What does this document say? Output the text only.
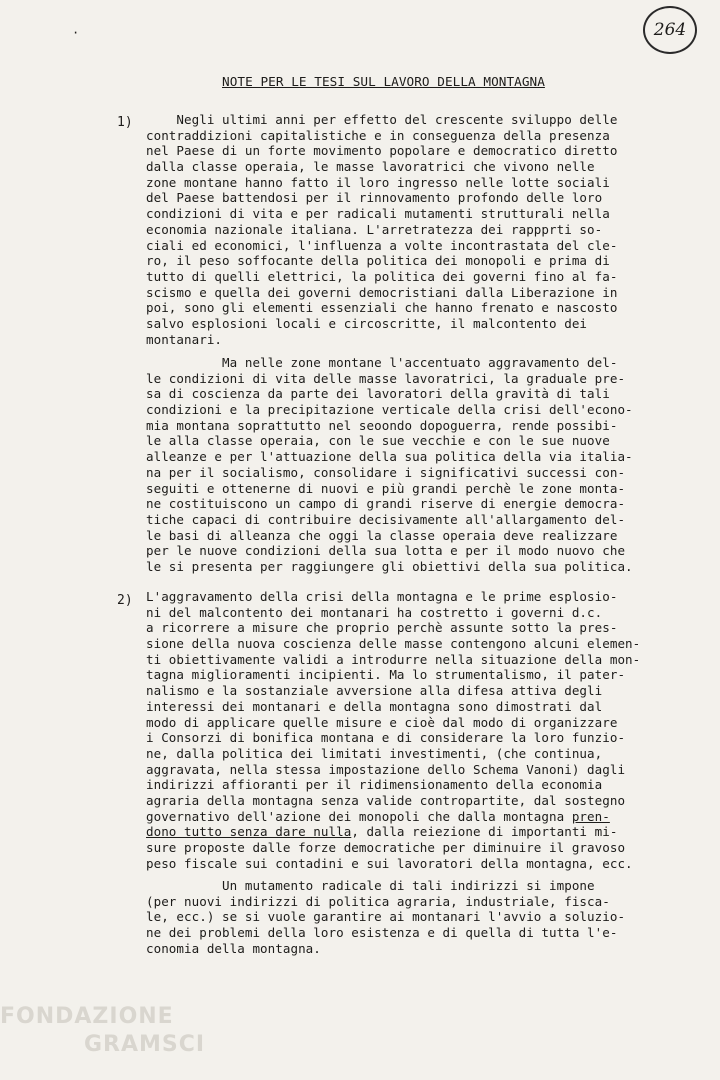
·	264
NOTE PER LE TESI SUL LAVORO DELLA MONTAGNA
1) Negli ultimi anni per effetto del crescente sviluppo delle
contraddizioni capitalistiche e in conseguenza della presenza
nel Paese di un forte movimento popolare e democratico diretto
dalla classe operaia, le masse lavoratrici che vivono nelle
zone montane hanno fatto il loro ingresso nelle lotte sociali
del Paese battendosi per il rinnovamento profondo delle loro
condizioni di vita e per radicali mutamenti strutturali nella
economia nazionale italiana. L'arretratezza dei rappprti so-
ciali ed economici, l'influenza a volte incontrastata del cle-
ro, il peso soffocante della politica dei monopoli e prima di
tutto di quelli elettrici, la politica dei governi fino al fa-
scismo e quella dei governi democristiani dalla Liberazione in
poi, sono gli elementi essenziali che hanno frenato e nascosto
salvo esplosioni locali e circoscritte, il malcontento dei
montanari.
Ma nelle zone montane l'accentuato aggravamento del-
le condizioni di vita delle masse lavoratrici, la graduale pre-
sa di coscienza da parte dei lavoratori della gravità di tali
condizioni e la precipitazione verticale della crisi dell'econo-
mia montana soprattutto nel seoondo dopoguerra, rende possibi-
le alla classe operaia, con le sue vecchie e con le sue nuove
alleanze e per l'attuazione della sua politica della via italia-
na per il socialismo, consolidare i significativi successi con-
seguiti e ottenerne di nuovi e più grandi perchè le zone monta-
ne costituiscono un campo di grandi riserve di energie democra-
tiche capaci di contribuire decisivamente all'allargamento del-
le basi di alleanza che oggi la classe operaia deve realizzare
per le nuove condizioni della sua lotta e per il modo nuovo che
le si presenta per raggiungere gli obiettivi della sua politica.
2) L'aggravamento della crisi della montagna e le prime esplosio-
ni del malcontento dei montanari ha costretto i governi d.c.
a ricorrere a misure che proprio perchè assunte sotto la pres-
sione della nuova coscienza delle masse contengono alcuni elemen-
ti obiettivamente validi a introdurre nella situazione della mon-
tagna miglioramenti incipienti. Ma lo strumentalismo, il pater-
nalismo e la sostanziale avversione alla difesa attiva degli
interessi dei montanari e della montagna sono dimostrati dal
modo di applicare quelle misure e cioè dal modo di organizzare
i Consorzi di bonifica montana e di considerare la loro funzio-
ne, dalla politica dei limitati investimenti, (che continua,
aggravata, nella stessa impostazione dello Schema Vanoni) dagli
indirizzi affioranti per il ridimensionamento della economia
agraria della montagna senza valide contropartite, dal sostegno
governativo dell'azione dei monopoli che dalla montagna pren-
dono tutto senza dare nulla, dalla reiezione di importanti mi-
sure proposte dalle forze democratiche per diminuire il gravoso
peso fiscale sui contadini e sui lavoratori della montagna, ecc.
Un mutamento radicale di tali indirizzi si impone
(per nuovi indirizzi di politica agraria, industriale, fisca-
le, ecc.) se si vuole garantire ai montanari l'avvio a soluzio-
ne dei problemi della loro esistenza e di quella di tutta l'e-
conomia della montagna.
FONDAZIONE
GRAMSCI
